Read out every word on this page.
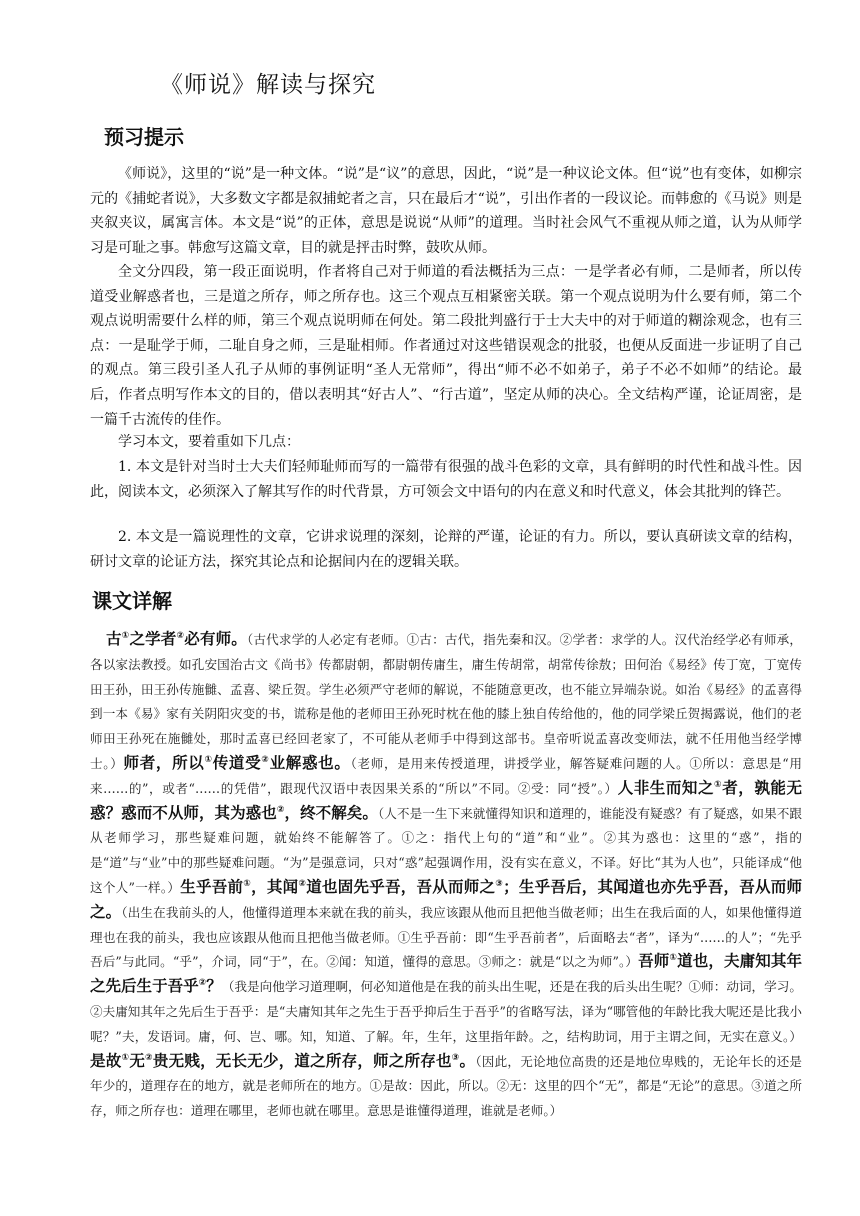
《师说》解读与探究
预习提示

《师说》，这里的“说”是一种文体。“说”是“议”的意思，因此，“说”是一种议论文体。但“说”也有变体，如柳宗元的《捕蛇者说》，大多数文字都是叙捕蛇者之言，只在最后才“说”，引出作者的一段议论。而韩愈的《马说》则是夹叙夹议，属寓言体。本文是“说”的正体，意思是说说“从师”的道理。当时社会风气不重视从师之道，认为从师学习是可耻之事。韩愈写这篇文章，目的就是抨击时弊，鼓吹从师。

全文分四段，第一段正面说明，作者将自己对于师道的看法概括为三点：一是学者必有师，二是师者，所以传道受业解惑者也，三是道之所存，师之所存也。这三个观点互相紧密关联。第一个观点说明为什么要有师，第二个观点说明需要什么样的师，第三个观点说明师在何处。第二段批判盛行于士大夫中的对于师道的糊涂观念，也有三点：一是耻学于师，二耻自身之师，三是耻相师。作者通过对这些错误观念的批驳，也便从反面进一步证明了自己的观点。第三段引圣人孔子从师的事例证明“圣人无常师”，得出“师不必不如弟子，弟子不必不如师”的结论。最后，作者点明写作本文的目的，借以表明其“好古人”、“行古道”，坚定从师的决心。全文结构严谨，论证周密，是一篇千古流传的佳作。

学习本文，要着重如下几点：

1. 本文是针对当时士大夫们轻师耻师而写的一篇带有很强的战斗色彩的文章，具有鲜明的时代性和战斗性。因此，阅读本文，必须深入了解其写作的时代背景，方可领会文中语句的内在意义和时代意义，体会其批判的锋芒。

2. 本文是一篇说理性的文章，它讲求说理的深刻，论辩的严谨，论证的有力。所以，要认真研读文章的结构，研讨文章的论证方法，探究其论点和论据间内在的逻辑关联。

课文详解

古①之学者②必有师。（古代求学的人必定有老师。①古：古代，指先秦和汉。②学者：求学的人。汉代治经学必有师承，各以家法教授。如孔安国治古文《尚书》传都尉朝，都尉朝传庸生，庸生传胡常，胡常传徐敖；田何治《易经》传丁宽，丁宽传田王孙，田王孙传施雠、孟喜、梁丘贺。学生必须严守老师的解说，不能随意更改，也不能立异端杂说。如治《易经》的孟喜得到一本《易》家有关阴阳灾变的书，谎称是他的老师田王孙死时枕在他的膝上独自传给他的，他的同学梁丘贺揭露说，他们的老师田王孙死在施雠处，那时孟喜已经回老家了，不可能从老师手中得到这部书。皇帝听说孟喜改变师法，就不任用他当经学博士。）师者，所以①传道受②业解惑也。（老师，是用来传授道理，讲授学业，解答疑难问题的人。①所以：意思是“用来……的”，或者“……的凭借”，跟现代汉语中表因果关系的“所以”不同。②受：同“授”。）人非生而知之①者，孰能无惑？惑而不从师，其为惑也②，终不解矣。（人不是一生下来就懂得知识和道理的，谁能没有疑惑？有了疑惑，如果不跟从老师学习，那些疑难问题，就始终不能解答了。①之：指代上句的“道”和“业”。②其为惑也：这里的“惑”，指的是“道”与“业”中的那些疑难问题。“为”是强意词，只对“惑”起强调作用，没有实在意义，不译。好比“其为人也”，只能译成“他这个人”一样。）生乎吾前①，其闻②道也固先乎吾，吾从而师之③；生乎吾后，其闻道也亦先乎吾，吾从而师之。（出生在我前头的人，他懂得道理本来就在我的前头，我应该跟从他而且把他当做老师；出生在我后面的人，如果他懂得道理也在我的前头，我也应该跟从他而且把他当做老师。①生乎吾前：即“生乎吾前者”，后面略去“者”，译为“……的人”；“先乎吾后”与此同。“乎”，介词，同“于”，在。②闻：知道，懂得的意思。③师之：就是“以之为师”。）吾师①道也，夫庸知其年之先后生于吾乎②？（我是向他学习道理啊，何必知道他是在我的前头出生呢，还是在我的后头出生呢？①师：动词，学习。②夫庸知其年之先后生于吾乎：是“夫庸知其年之先生于吾乎抑后生于吾乎”的省略写法，译为“哪管他的年龄比我大呢还是比我小呢？”夫，发语词。庸，何、岂、哪。知，知道、了解。年，生年，这里指年龄。之，结构助词，用于主谓之间，无实在意义。）是故①无②贵无贱，无长无少，道之所存，师之所存也③。（因此，无论地位高贵的还是地位卑贱的，无论年长的还是年少的，道理存在的地方，就是老师所在的地方。①是故：因此，所以。②无：这里的四个“无”，都是“无论”的意思。③道之所存，师之所存也：道理在哪里，老师也就在哪里。意思是谁懂得道理，谁就是老师。）
